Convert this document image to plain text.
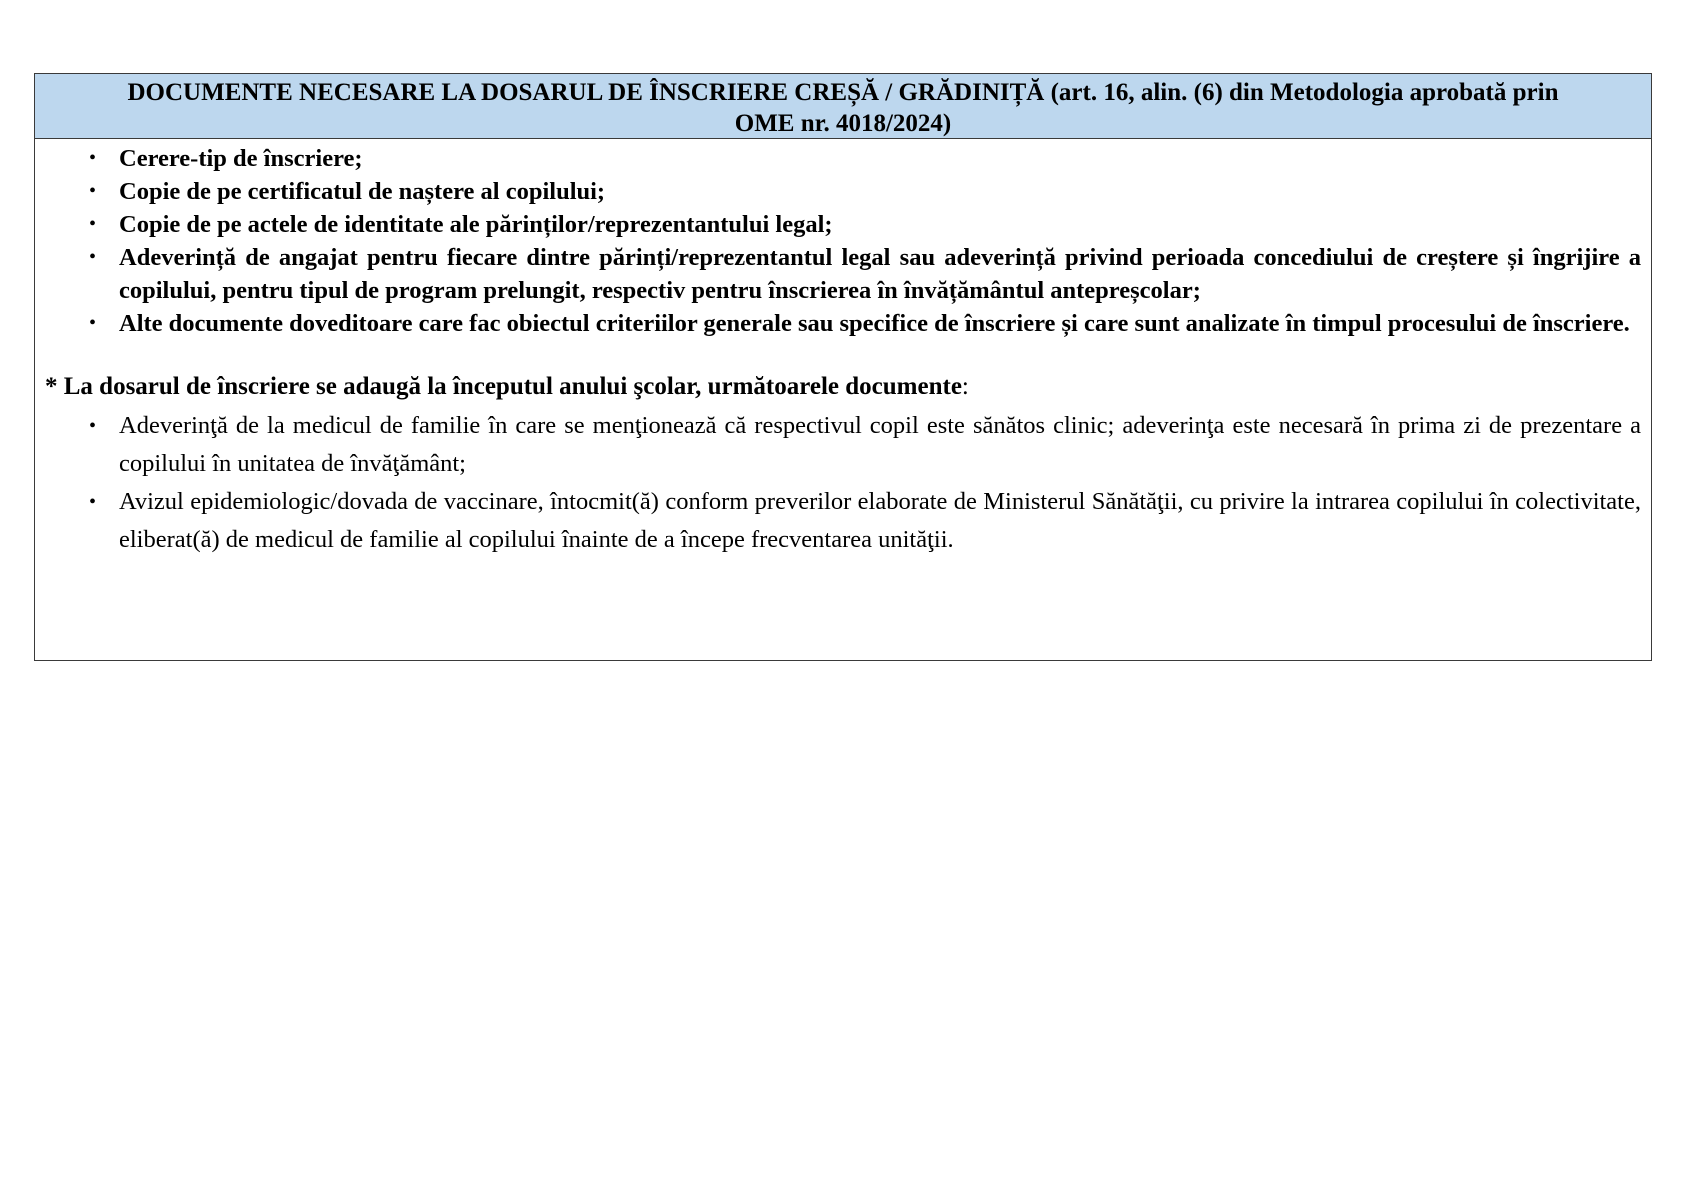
DOCUMENTE NECESARE LA DOSARUL DE ÎNSCRIERE CREȘĂ / GRĂDINIȚĂ (art. 16, alin. (6) din Metodologia aprobată prin OME nr. 4018/2024)
• Cerere-tip de înscriere;
• Copie de pe certificatul de naștere al copilului;
• Copie de pe actele de identitate ale părinților/reprezentantului legal;
• Adeverință de angajat pentru fiecare dintre părinți/reprezentantul legal sau adeverință privind perioada concediului de creștere și îngrijire a copilului, pentru tipul de program prelungit, respectiv pentru înscrierea în învățământul antepreșcolar;
• Alte documente doveditoare care fac obiectul criteriilor generale sau specifice de înscriere și care sunt analizate în timpul procesului de înscriere.
* La dosarul de înscriere se adaugă la începutul anului şcolar, următoarele documente:
• Adeverinţă de la medicul de familie în care se menţionează că respectivul copil este sănătos clinic; adeverinţa este necesară în prima zi de prezentare a copilului în unitatea de învăţământ;
• Avizul epidemiologic/dovada de vaccinare, întocmit(ă) conform preverilor elaborate de Ministerul Sănătăţii, cu privire la intrarea copilului în colectivitate, eliberat(ă) de medicul de familie al copilului înainte de a începe frecventarea unităţii.
